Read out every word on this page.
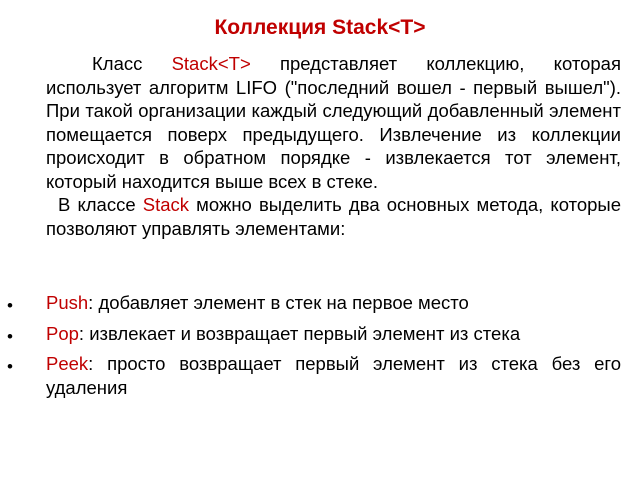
Коллекция Stack<T>

Класс Stack<T> представляет коллекцию, которая использует алгоритм LIFO ("последний вошел - первый вышел"). При такой организации каждый следующий добавленный элемент помещается поверх предыдущего. Извлечение из коллекции происходит в обратном порядке - извлекается тот элемент, который находится выше всех в стеке.

В классе Stack можно выделить два основных метода, которые позволяют управлять элементами:

• Push: добавляет элемент в стек на первое место
• Pop: извлекает и возвращает первый элемент из стека
• Peek: просто возвращает первый элемент из стека без его удаления
